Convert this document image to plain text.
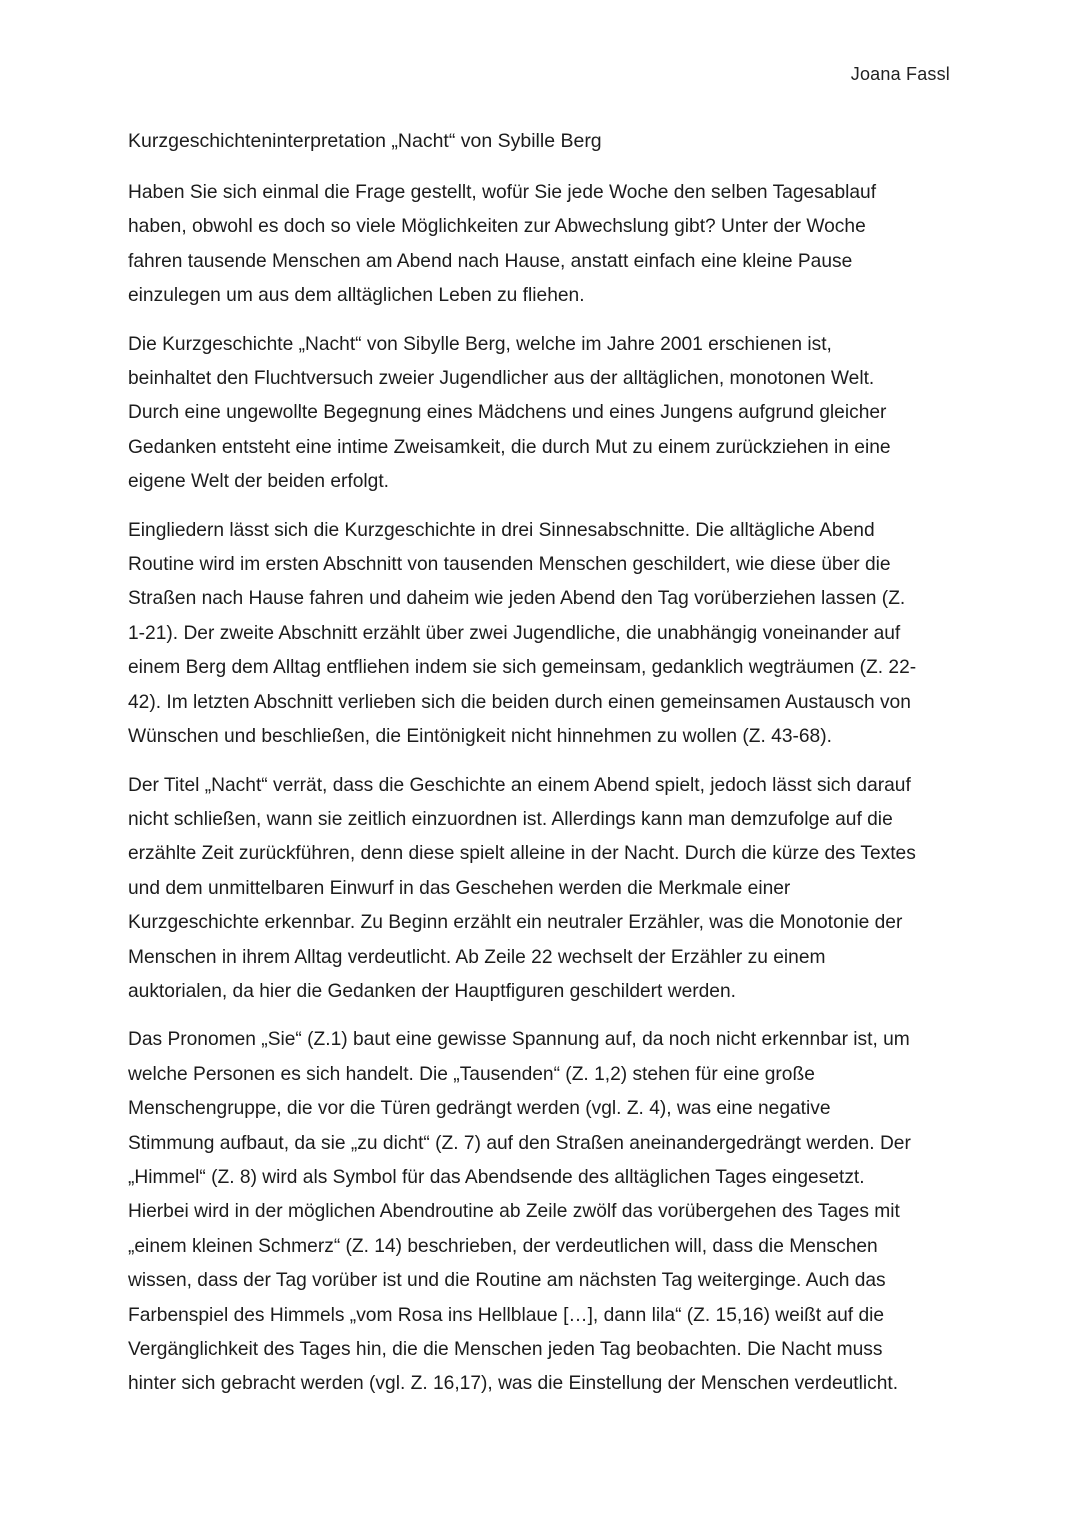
Joana Fassl
Kurzgeschichteninterpretation „Nacht“ von Sybille Berg

Haben Sie sich einmal die Frage gestellt, wofür Sie jede Woche den selben Tagesablauf
haben, obwohl es doch so viele Möglichkeiten zur Abwechslung gibt? Unter der Woche
fahren tausende Menschen am Abend nach Hause, anstatt einfach eine kleine Pause
einzulegen um aus dem alltäglichen Leben zu fliehen.

Die Kurzgeschichte „Nacht“ von Sibylle Berg, welche im Jahre 2001 erschienen ist,
beinhaltet den Fluchtversuch zweier Jugendlicher aus der alltäglichen, monotonen Welt.
Durch eine ungewollte Begegnung eines Mädchens und eines Jungens aufgrund gleicher
Gedanken entsteht eine intime Zweisamkeit, die durch Mut zu einem zurückziehen in eine
eigene Welt der beiden erfolgt.

Eingliedern lässt sich die Kurzgeschichte in drei Sinnesabschnitte. Die alltägliche Abend
Routine wird im ersten Abschnitt von tausenden Menschen geschildert, wie diese über die
Straßen nach Hause fahren und daheim wie jeden Abend den Tag vorüberziehen lassen (Z.
1-21). Der zweite Abschnitt erzählt über zwei Jugendliche, die unabhängig voneinander auf
einem Berg dem Alltag entfliehen indem sie sich gemeinsam, gedanklich wegträumen (Z. 22-
42). Im letzten Abschnitt verlieben sich die beiden durch einen gemeinsamen Austausch von
Wünschen und beschließen, die Eintönigkeit nicht hinnehmen zu wollen (Z. 43-68).

Der Titel „Nacht“ verrät, dass die Geschichte an einem Abend spielt, jedoch lässt sich darauf
nicht schließen, wann sie zeitlich einzuordnen ist. Allerdings kann man demzufolge auf die
erzählte Zeit zurückführen, denn diese spielt alleine in der Nacht. Durch die kürze des Textes
und dem unmittelbaren Einwurf in das Geschehen werden die Merkmale einer
Kurzgeschichte erkennbar. Zu Beginn erzählt ein neutraler Erzähler, was die Monotonie der
Menschen in ihrem Alltag verdeutlicht. Ab Zeile 22 wechselt der Erzähler zu einem
auktorialen, da hier die Gedanken der Hauptfiguren geschildert werden.

Das Pronomen „Sie“ (Z.1) baut eine gewisse Spannung auf, da noch nicht erkennbar ist, um
welche Personen es sich handelt. Die „Tausenden“ (Z. 1,2) stehen für eine große
Menschengruppe, die vor die Türen gedrängt werden (vgl. Z. 4), was eine negative
Stimmung aufbaut, da sie „zu dicht“ (Z. 7) auf den Straßen aneinandergedrängt werden. Der
„Himmel“ (Z. 8) wird als Symbol für das Abendsende des alltäglichen Tages eingesetzt.
Hierbei wird in der möglichen Abendroutine ab Zeile zwölf das vorübergehen des Tages mit
„einem kleinen Schmerz“ (Z. 14) beschrieben, der verdeutlichen will, dass die Menschen
wissen, dass der Tag vorüber ist und die Routine am nächsten Tag weiterginge. Auch das
Farbenspiel des Himmels „vom Rosa ins Hellblaue […], dann lila“ (Z. 15,16) weißt auf die
Vergänglichkeit des Tages hin, die die Menschen jeden Tag beobachten. Die Nacht muss
hinter sich gebracht werden (vgl. Z. 16,17), was die Einstellung der Menschen verdeutlicht.
